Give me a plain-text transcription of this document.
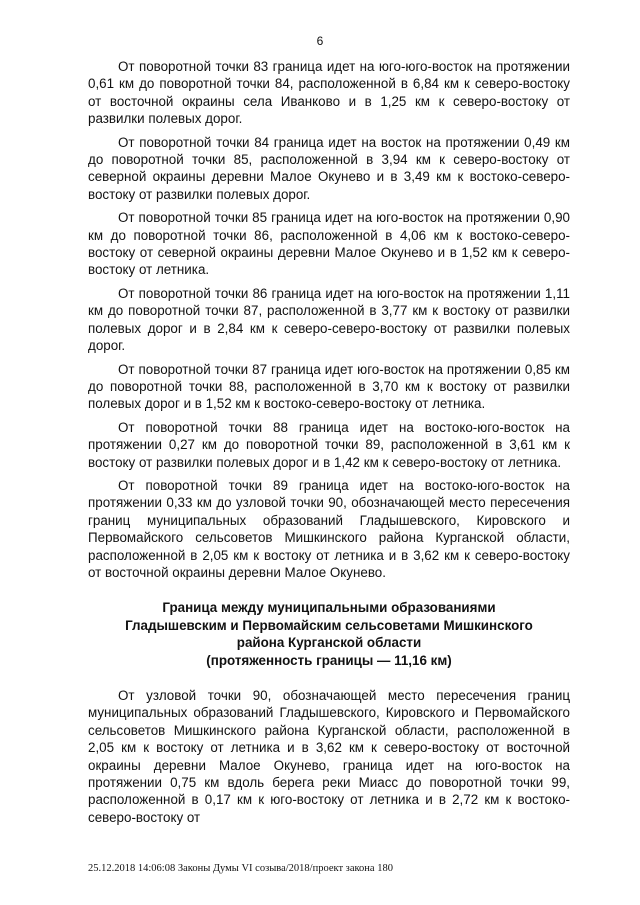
6

От поворотной точки 83 граница идет на юго-юго-восток на протяжении 0,61 км до поворотной точки 84, расположенной в 6,84 км к северо-востоку от восточной окраины села Иванково и в 1,25 км к северо-востоку от развилки полевых дорог.

От поворотной точки 84 граница идет на восток на протяжении 0,49 км до поворотной точки 85, расположенной в 3,94 км к северо-востоку от северной окраины деревни Малое Окунево и в 3,49 км к востоко-северо-востоку от развилки полевых дорог.

От поворотной точки 85 граница идет на юго-восток на протяжении 0,90 км до поворотной точки 86, расположенной в 4,06 км к востоко-северо-востоку от северной окраины деревни Малое Окунево и в 1,52 км к северо-востоку от летника.

От поворотной точки 86 граница идет на юго-восток на протяжении 1,11 км до поворотной точки 87, расположенной в 3,77 км к востоку от развилки полевых дорог и в 2,84 км к северо-северо-востоку от развилки полевых дорог.

От поворотной точки 87 граница идет юго-восток на протяжении 0,85 км до поворотной точки 88, расположенной в 3,70 км к востоку от развилки полевых дорог и в 1,52 км к востоко-северо-востоку от летника.

От поворотной точки 88 граница идет на востоко-юго-восток на протяжении 0,27 км до поворотной точки 89, расположенной в 3,61 км к востоку от развилки полевых дорог и в 1,42 км к северо-востоку от летника.

От поворотной точки 89 граница идет на востоко-юго-восток на протяжении 0,33 км до узловой точки 90, обозначающей место пересечения границ муниципальных образований Гладышевского, Кировского и Первомайского сельсоветов Мишкинского района Курганской области, расположенной в 2,05 км к востоку от летника и в 3,62 км к северо-востоку от восточной окраины деревни Малое Окунево.

Граница между муниципальными образованиями
Гладышевским и Первомайским сельсоветами Мишкинского
района Курганской области
(протяженность границы — 11,16 км)

От узловой точки 90, обозначающей место пересечения границ муниципальных образований Гладышевского, Кировского и Первомайского сельсоветов Мишкинского района Курганской области, расположенной в 2,05 км к востоку от летника и в 3,62 км к северо-востоку от восточной окраины деревни Малое Окунево, граница идет на юго-восток на протяжении 0,75 км вдоль берега реки Миасс до поворотной точки 99, расположенной в 0,17 км к юго-востоку от летника и в 2,72 км к востоко-северо-востоку от

25.12.2018 14:06:08 Законы Думы VI созыва/2018/проект закона 180
